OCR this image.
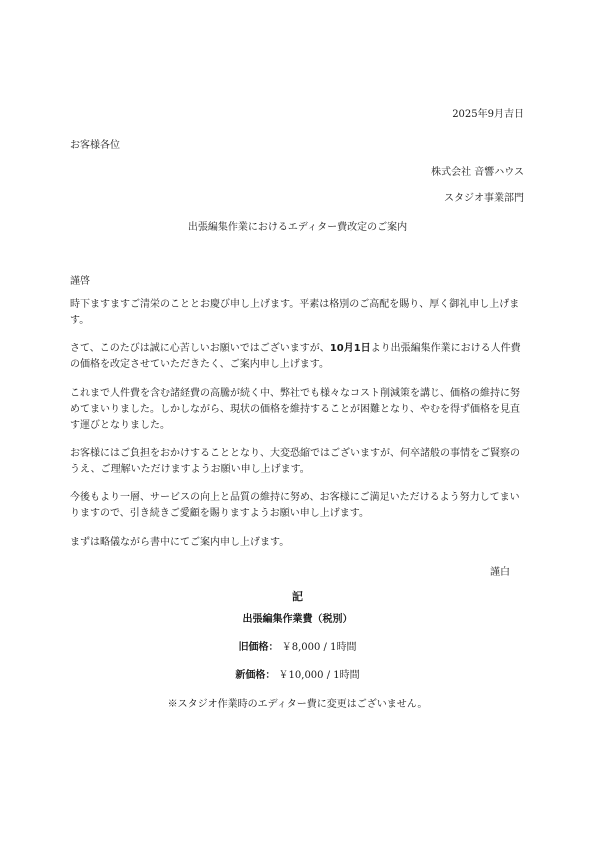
2025年9月吉日
お客様各位
株式会社 音響ハウス
スタジオ事業部門
出張編集作業におけるエディター費改定のご案内
謹啓
時下ますますご清栄のこととお慶び申し上げます。平素は格別のご高配を賜り、厚く御礼申し上げます。
さて、このたびは誠に心苦しいお願いではございますが、10月1日より出張編集作業における人件費の価格を改定させていただきたく、ご案内申し上げます。
これまで人件費を含む諸経費の高騰が続く中、弊社でも様々なコスト削減策を講じ、価格の維持に努めてまいりました。しかしながら、現状の価格を維持することが困難となり、やむを得ず価格を見直す運びとなりました。
お客様にはご負担をおかけすることとなり、大変恐縮ではございますが、何卒諸般の事情をご賢察のうえ、ご理解いただけますようお願い申し上げます。
今後もより一層、サービスの向上と品質の維持に努め、お客様にご満足いただけるよう努力してまいりますので、引き続きご愛顧を賜りますようお願い申し上げます。
まずは略儀ながら書中にてご案内申し上げます。
謹白
記
出張編集作業費（税別）
旧価格： ￥8,000 / 1時間
新価格： ￥10,000 / 1時間
※スタジオ作業時のエディター費に変更はございません。
